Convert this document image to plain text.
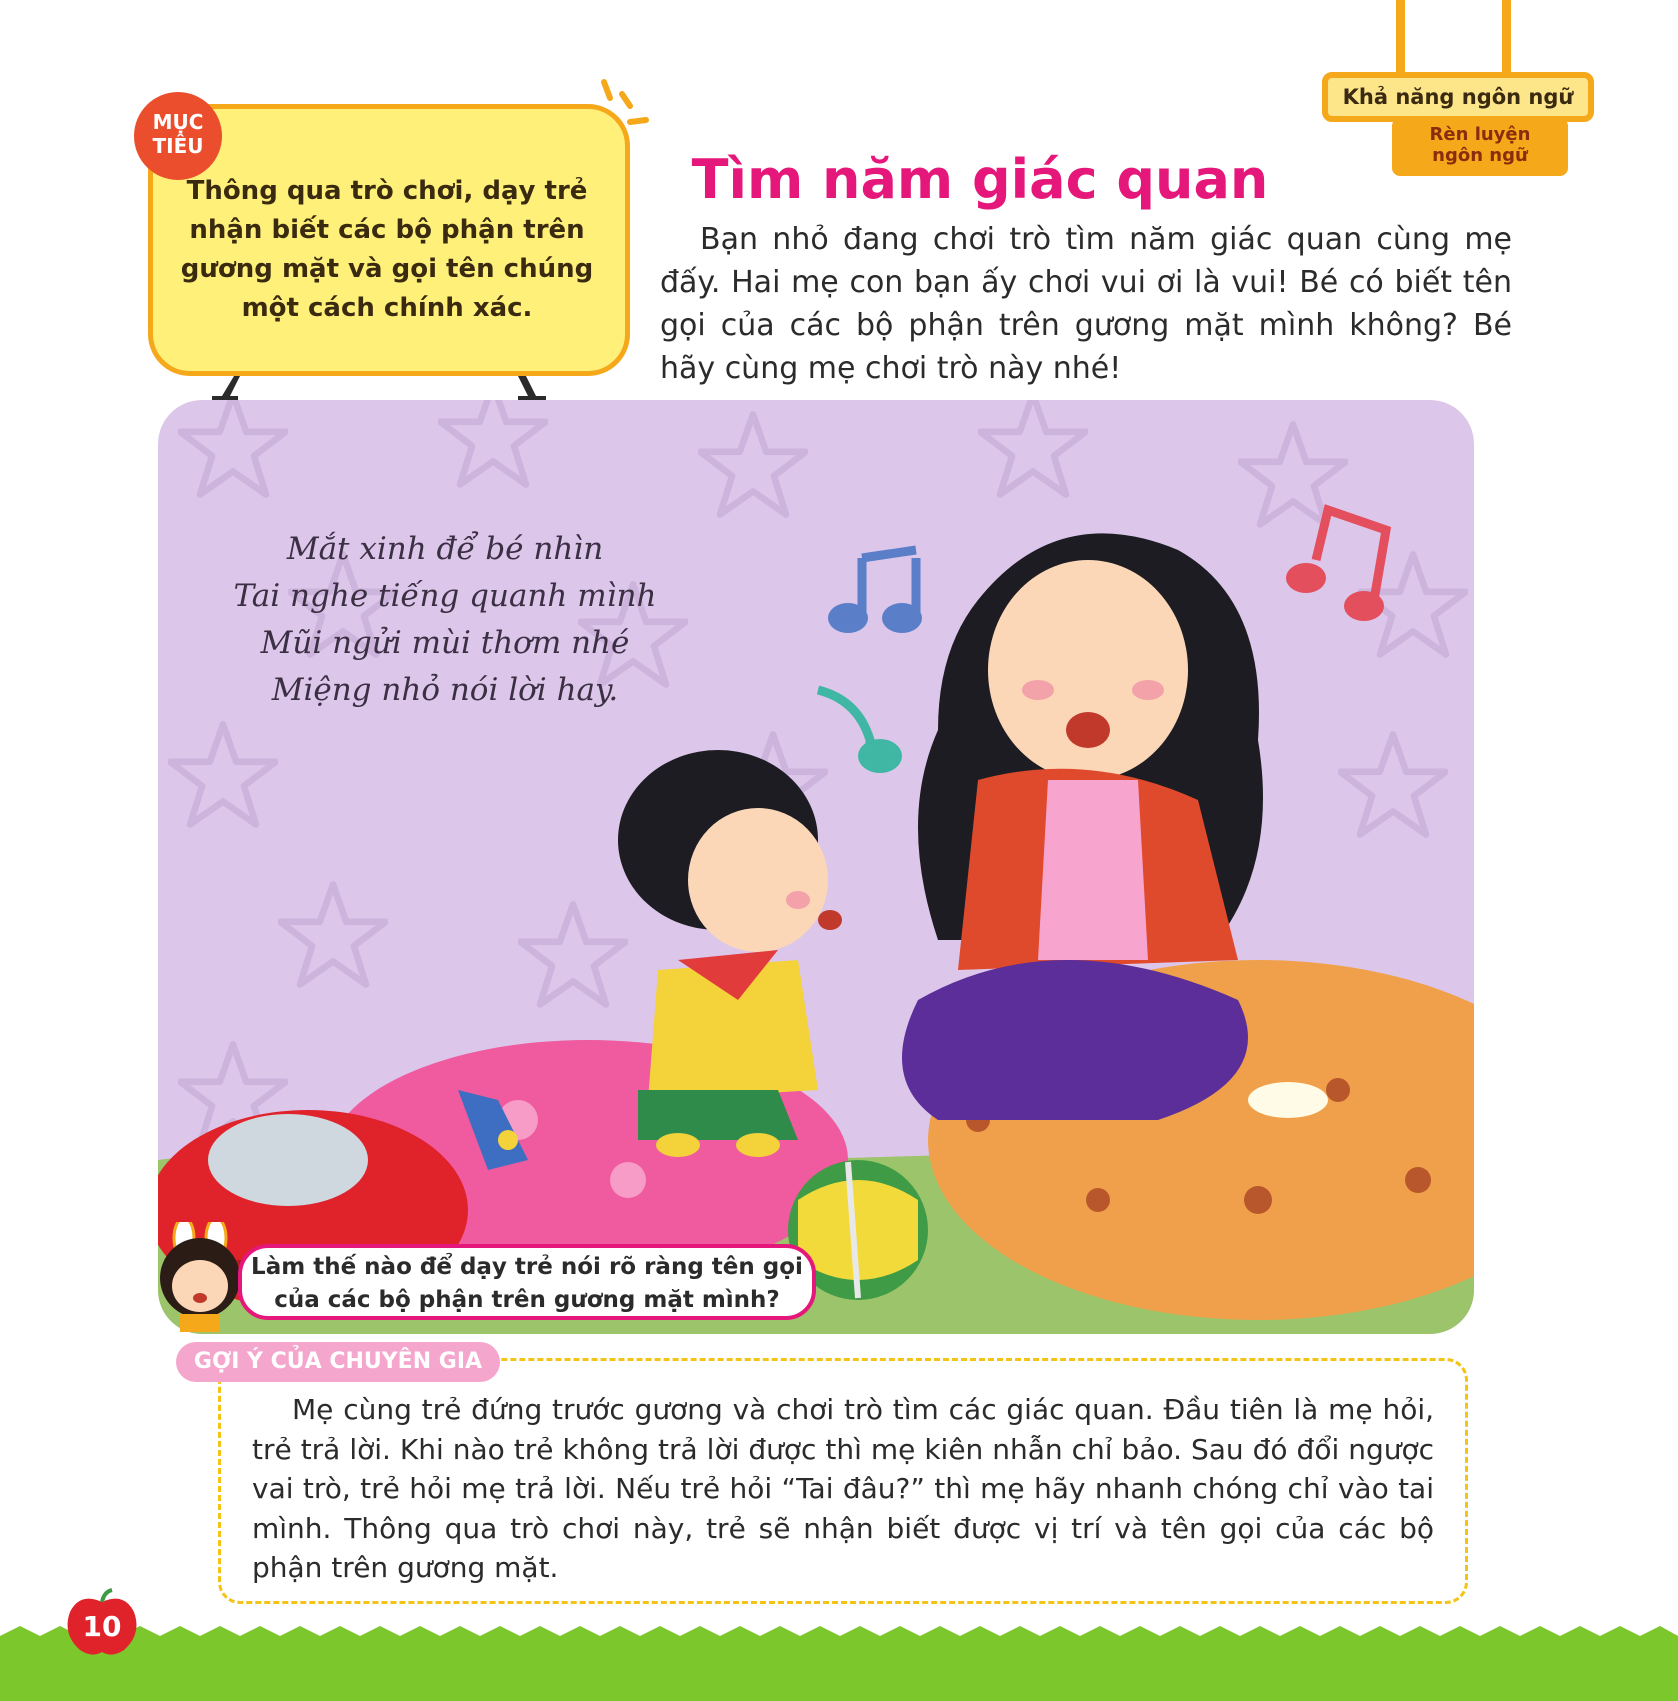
Khả năng ngôn ngữ
Rèn luyện
ngôn ngữ
MỤC
TIÊU
Thông qua trò chơi, dạy trẻ nhận biết các bộ phận trên gương mặt và gọi tên chúng một cách chính xác.
Tìm năm giác quan
Bạn nhỏ đang chơi trò tìm năm giác quan cùng mẹ đấy. Hai mẹ con bạn ấy chơi vui ơi là vui! Bé có biết tên gọi của các bộ phận trên gương mặt mình không? Bé hãy cùng mẹ chơi trò này nhé!
Mắt xinh để bé nhìn
Tai nghe tiếng quanh mình
Mũi ngửi mùi thơm nhé
Miệng nhỏ nói lời hay.
Làm thế nào để dạy trẻ nói rõ ràng tên gọi
của các bộ phận trên gương mặt mình?
GỢI Ý CỦA CHUYÊN GIA
Mẹ cùng trẻ đứng trước gương và chơi trò tìm các giác quan. Đầu tiên là mẹ hỏi, trẻ trả lời. Khi nào trẻ không trả lời được thì mẹ kiên nhẫn chỉ bảo. Sau đó đổi ngược vai trò, trẻ hỏi mẹ trả lời. Nếu trẻ hỏi “Tai đâu?” thì mẹ hãy nhanh chóng chỉ vào tai mình. Thông qua trò chơi này, trẻ sẽ nhận biết được vị trí và tên gọi của các bộ phận trên gương mặt.
10
